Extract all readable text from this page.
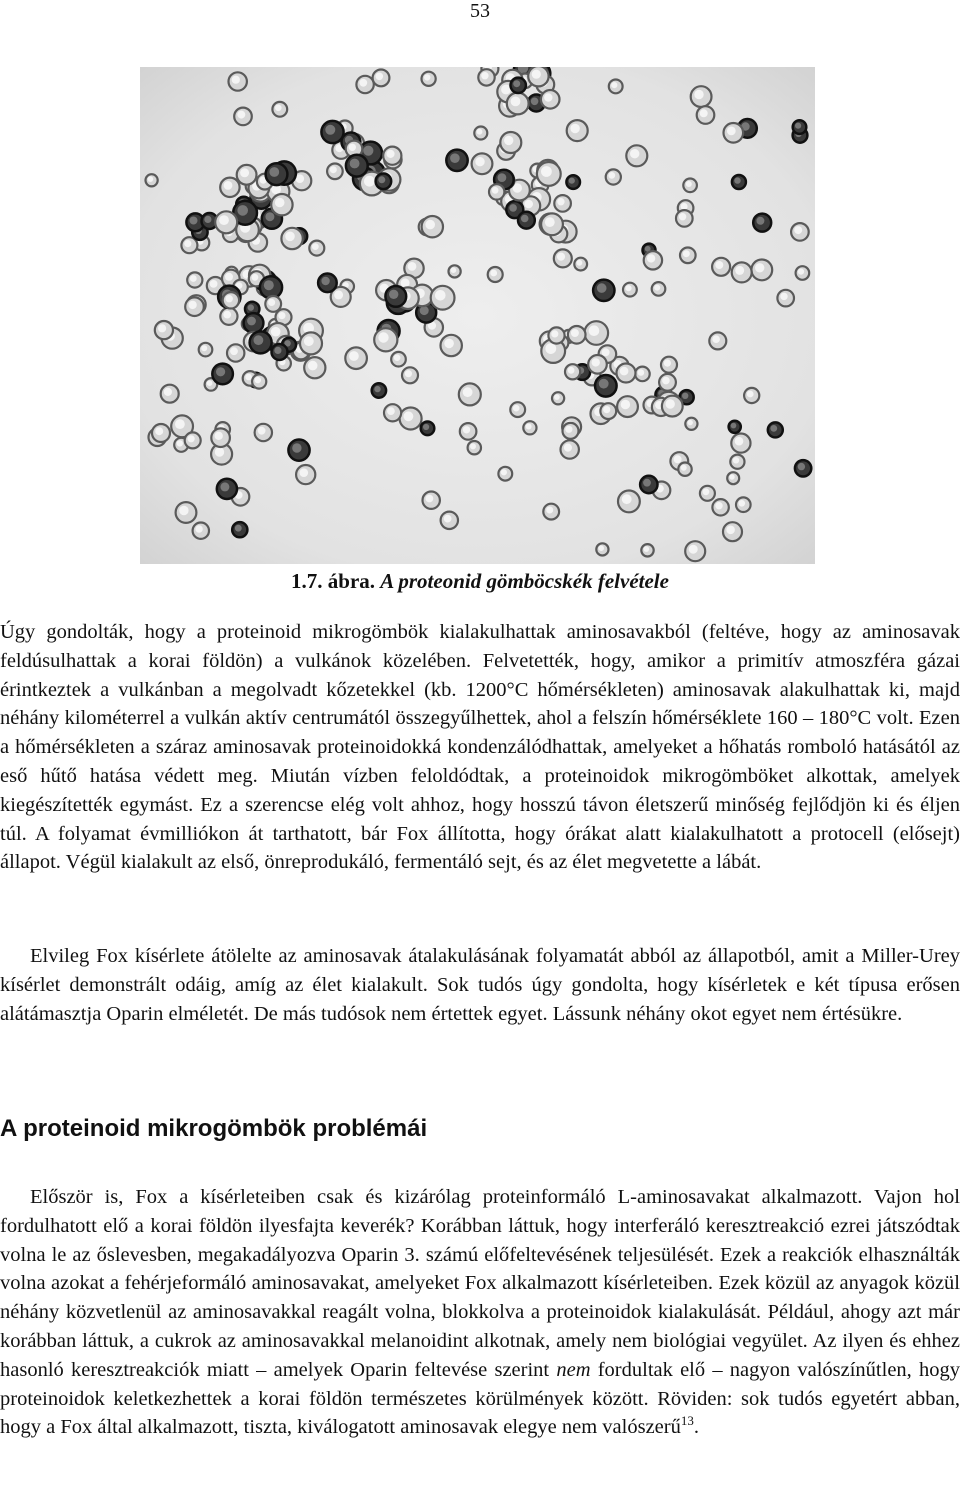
53
1.7. ábra. A proteonid gömböcskék felvétele

Úgy gondolták, hogy a proteinoid mikrogömbök kialakulhattak aminosavakból (feltéve, hogy az aminosavak feldúsulhattak a korai földön) a vulkánok közelében. Felvetették, hogy, amikor a primitív atmoszféra gázai érintkeztek a vulkánban a megolvadt kőzetekkel (kb. 1200°C hőmérsékleten) aminosavak alakulhattak ki, majd néhány kilométerrel a vulkán aktív centrumától összegyűlhettek, ahol a felszín hőmérséklete 160 – 180°C volt. Ezen a hőmérsékleten a száraz aminosavak proteinoidokká kondenzálódhattak, amelyeket a hőhatás romboló hatásától az eső hűtő hatása védett meg. Miután vízben feloldódtak, a proteinoidok mikrogömböket alkottak, amelyek kiegészítették egymást. Ez a szerencse elég volt ahhoz, hogy hosszú távon életszerű minőség fejlődjön ki és éljen túl. A folyamat évmilliókon át tarthatott, bár Fox állította, hogy órákat alatt kialakulhatott a protocell (elősejt) állapot. Végül kialakult az első, önreprodukáló, fermentáló sejt, és az élet megvetette a lábát.

Elvileg Fox kísérlete átölelte az aminosavak átalakulásának folyamatát abból az állapotból, amit a Miller-Urey kísérlet demonstrált odáig, amíg az élet kialakult. Sok tudós úgy gondolta, hogy kísérletek e két típusa erősen alátámasztja Oparin elméletét. De más tudósok nem értettek egyet. Lássunk néhány okot egyet nem értésükre.

A proteinoid mikrogömbök problémái

Először is, Fox a kísérleteiben csak és kizárólag proteinformáló L-aminosavakat alkalmazott. Vajon hol fordulhatott elő a korai földön ilyesfajta keverék? Korábban láttuk, hogy interferáló keresztreakció ezrei játszódtak volna le az őslevesben, megakadályozva Oparin 3. számú előfeltevésének teljesülését. Ezek a reakciók elhasználták volna azokat a fehérjeformáló aminosavakat, amelyeket Fox alkalmazott kísérleteiben. Ezek közül az anyagok közül néhány közvetlenül az aminosavakkal reagált volna, blokkolva a proteinoidok kialakulását. Például, ahogy azt már korábban láttuk, a cukrok az aminosavakkal melanoidint alkotnak, amely nem biológiai vegyület. Az ilyen és ehhez hasonló keresztreakciók miatt – amelyek Oparin feltevése szerint nem fordultak elő – nagyon valószínűtlen, hogy proteinoidok keletkezhettek a korai földön természetes körülmények között. Röviden: sok tudós egyetért abban, hogy a Fox által alkalmazott, tiszta, kiválogatott aminosavak elegye nem valószerű$^{13}$.
